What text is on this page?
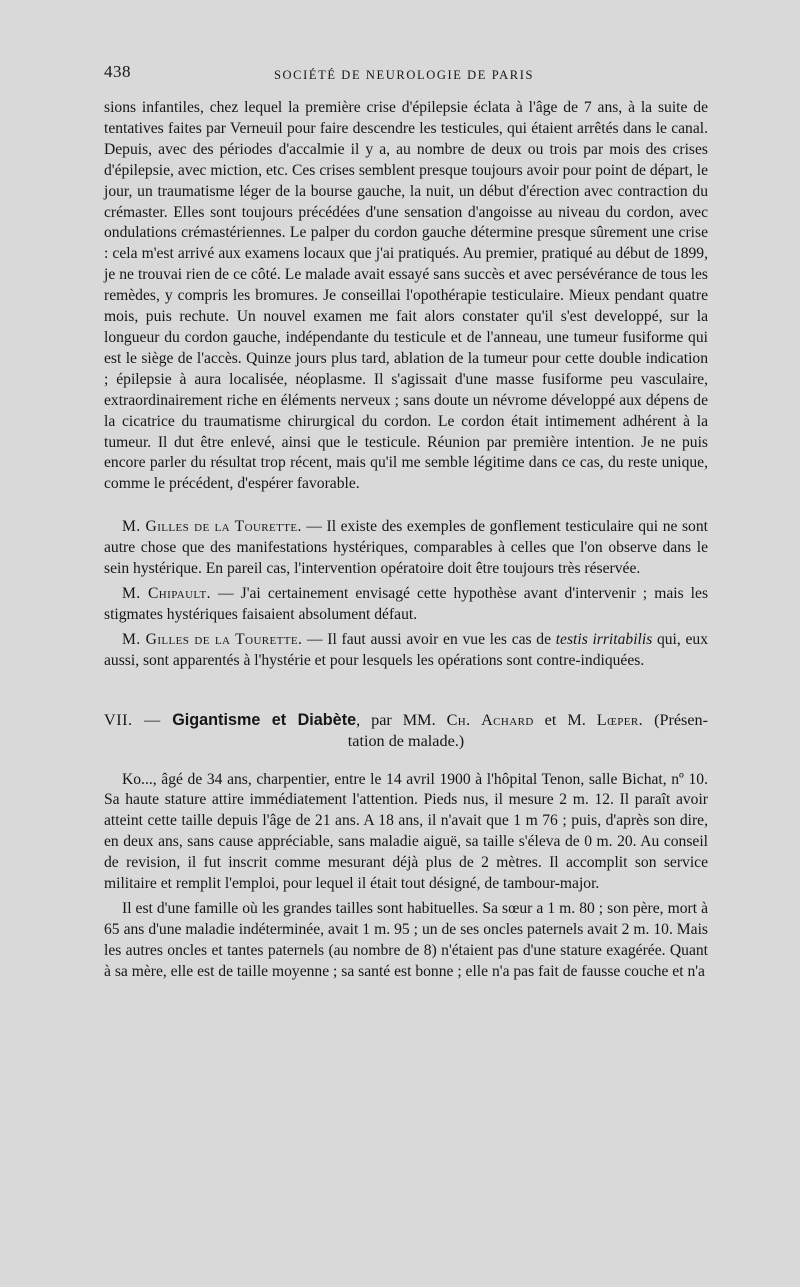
438	SOCIÉTÉ DE NEUROLOGIE DE PARIS

sions infantiles, chez lequel la première crise d'épilepsie éclata à l'âge de 7 ans, à la suite de tentatives faites par Verneuil pour faire descendre les testicules, qui étaient arrêtés dans le canal. Depuis, avec des périodes d'accalmie il y a, au nombre de deux ou trois par mois des crises d'épilepsie, avec miction, etc. Ces crises semblent presque toujours avoir pour point de départ, le jour, un traumatisme léger de la bourse gauche, la nuit, un début d'érection avec contraction du crémaster. Elles sont toujours précédées d'une sensation d'angoisse au niveau du cordon, avec ondulations crémastériennes. Le palper du cordon gauche détermine presque sûrement une crise : cela m'est arrivé aux examens locaux que j'ai pratiqués. Au premier, pratiqué au début de 1899, je ne trouvai rien de ce côté. Le malade avait essayé sans succès et avec persévérance de tous les remèdes, y compris les bromures. Je conseillai l'opothérapie testiculaire. Mieux pendant quatre mois, puis rechute. Un nouvel examen me fait alors constater qu'il s'est developpé, sur la longueur du cordon gauche, indépendante du testicule et de l'anneau, une tumeur fusiforme qui est le siège de l'accès. Quinze jours plus tard, ablation de la tumeur pour cette double indication ; épilepsie à aura localisée, néoplasme. Il s'agissait d'une masse fusiforme peu vasculaire, extraordinairement riche en éléments nerveux ; sans doute un névrome développé aux dépens de la cicatrice du traumatisme chirurgical du cordon. Le cordon était intimement adhérent à la tumeur. Il dut être enlevé, ainsi que le testicule. Réunion par première intention. Je ne puis encore parler du résultat trop récent, mais qu'il me semble légitime dans ce cas, du reste unique, comme le précédent, d'espérer favorable.

M. Gilles de la Tourette. — Il existe des exemples de gonflement testiculaire qui ne sont autre chose que des manifestations hystériques, comparables à celles que l'on observe dans le sein hystérique. En pareil cas, l'intervention opératoire doit être toujours très réservée.

M. Chipault. — J'ai certainement envisagé cette hypothèse avant d'intervenir ; mais les stigmates hystériques faisaient absolument défaut.

M. Gilles de la Tourette. — Il faut aussi avoir en vue les cas de testis irritabilis qui, eux aussi, sont apparentés à l'hystérie et pour lesquels les opérations sont contre-indiquées.

VII. — Gigantisme et Diabète, par MM. Ch. Achard et M. Lœper. (Présen-
tation de malade.)

Ko..., âgé de 34 ans, charpentier, entre le 14 avril 1900 à l'hôpital Tenon, salle Bichat, nº 10. Sa haute stature attire immédiatement l'attention. Pieds nus, il mesure 2 m. 12. Il paraît avoir atteint cette taille depuis l'âge de 21 ans. A 18 ans, il n'avait que 1 m 76 ; puis, d'après son dire, en deux ans, sans cause appréciable, sans maladie aiguë, sa taille s'éleva de 0 m. 20. Au conseil de revision, il fut inscrit comme mesurant déjà plus de 2 mètres. Il accomplit son service militaire et remplit l'emploi, pour lequel il était tout désigné, de tambour-major.

Il est d'une famille où les grandes tailles sont habituelles. Sa sœur a 1 m. 80 ; son père, mort à 65 ans d'une maladie indéterminée, avait 1 m. 95 ; un de ses oncles paternels avait 2 m. 10. Mais les autres oncles et tantes paternels (au nombre de 8) n'étaient pas d'une stature exagérée. Quant à sa mère, elle est de taille moyenne ; sa santé est bonne ; elle n'a pas fait de fausse couche et n'a
